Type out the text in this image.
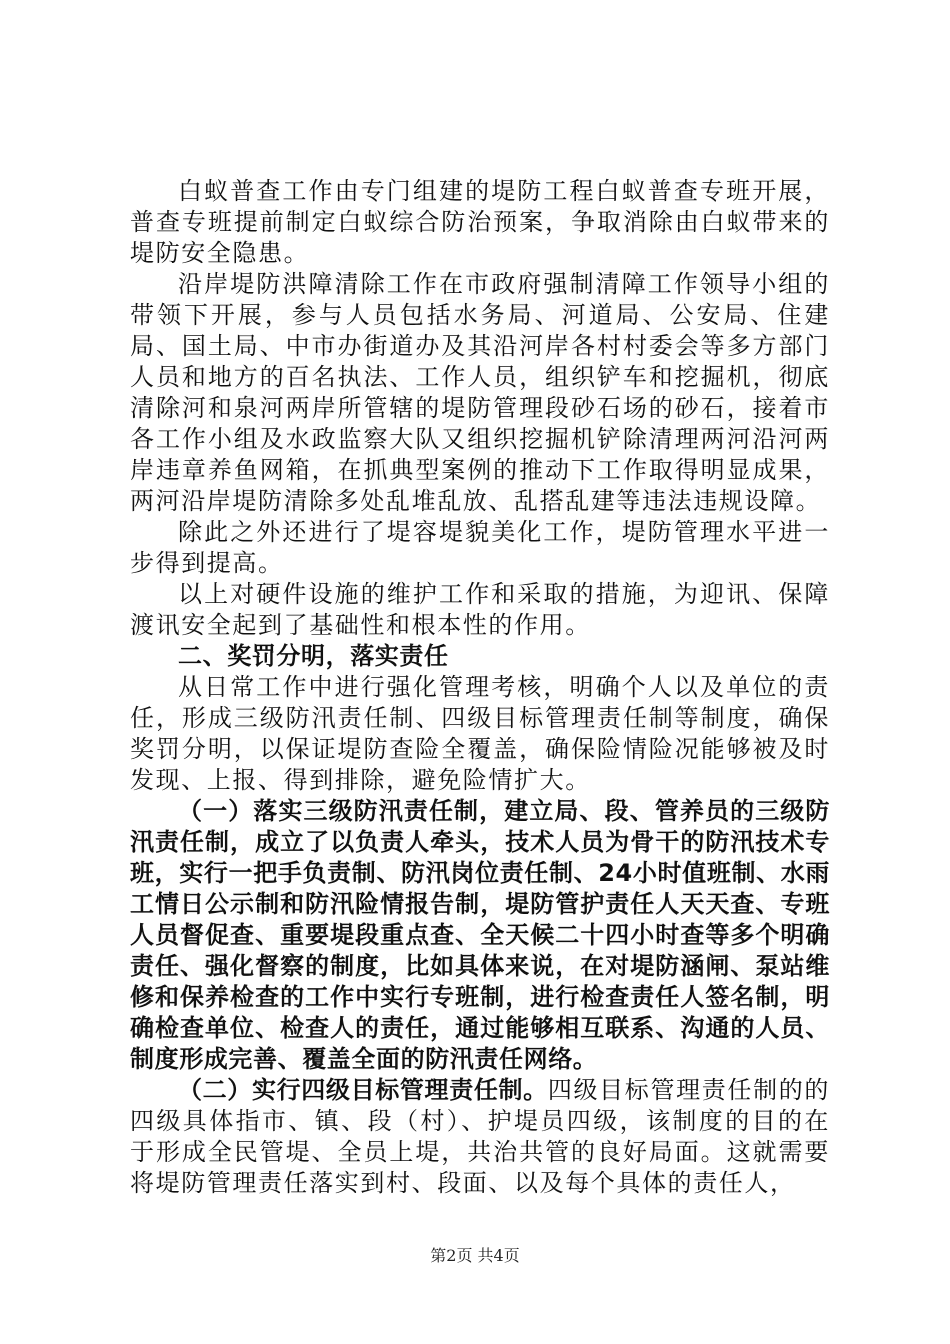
白蚁普查工作由专门组建的堤防工程白蚁普查专班开展，普查专班提前制定白蚁综合防治预案，争取消除由白蚁带来的堤防安全隐患。

沿岸堤防洪障清除工作在市政府强制清障工作领导小组的带领下开展，参与人员包括水务局、河道局、公安局、住建局、国土局、中市办街道办及其沿河岸各村村委会等多方部门人员和地方的百名执法、工作人员，组织铲车和挖掘机，彻底清除河和泉河两岸所管辖的堤防管理段砂石场的砂石，接着市各工作小组及水政监察大队又组织挖掘机铲除清理两河沿河两岸违章养鱼网箱，在抓典型案例的推动下工作取得明显成果，两河沿岸堤防清除多处乱堆乱放、乱搭乱建等违法违规设障。

除此之外还进行了堤容堤貌美化工作，堤防管理水平进一步得到提高。

以上对硬件设施的维护工作和采取的措施，为迎讯、保障渡讯安全起到了基础性和根本性的作用。

二、奖罚分明，落实责任

从日常工作中进行强化管理考核，明确个人以及单位的责任，形成三级防汛责任制、四级目标管理责任制等制度，确保奖罚分明，以保证堤防查险全覆盖，确保险情险况能够被及时发现、上报、得到排除，避免险情扩大。

（一）落实三级防汛责任制，建立局、段、管养员的三级防汛责任制，成立了以负责人牵头，技术人员为骨干的防汛技术专班，实行一把手负责制、防汛岗位责任制、24小时值班制、水雨工情日公示制和防汛险情报告制，堤防管护责任人天天查、专班人员督促查、重要堤段重点查、全天候二十四小时查等多个明确责任、强化督察的制度，比如具体来说，在对堤防涵闸、泵站维修和保养检查的工作中实行专班制，进行检查责任人签名制，明确检查单位、检查人的责任，通过能够相互联系、沟通的人员、制度形成完善、覆盖全面的防汛责任网络。

（二）实行四级目标管理责任制。四级目标管理责任制的的四级具体指市、镇、段（村）、护堤员四级，该制度的目的在于形成全民管堤、全员上堤，共治共管的良好局面。这就需要将堤防管理责任落实到村、段面、以及每个具体的责任人，

第2页 共4页
